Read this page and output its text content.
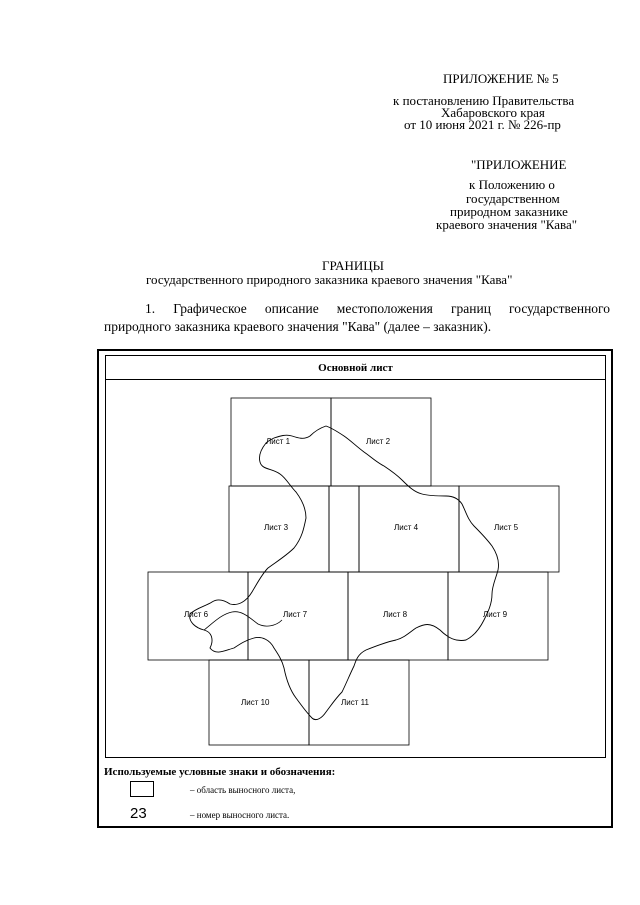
ПРИЛОЖЕНИЕ № 5

к постановлению Правительства

Хабаровского края

от 10 июня 2021 г. № 226-пр

"ПРИЛОЖЕНИЕ

к Положению о

государственном

природном заказнике

краевого значения "Кава"

ГРАНИЦЫ

государственного природного заказника краевого значения "Кава"

1. Графическое описание местоположения границ государственного

природного заказника краевого значения "Кава" (далее – заказник).

Основной лист
Лист 1	Лист 2
Лист 3	Лист 4	Лист 5
Лист 6	Лист 7	Лист 8	Лист 9
Лист 10	Лист 11
Используемые условные знаки и обозначения:
– область выносного листа,
23	– номер выносного листа.
